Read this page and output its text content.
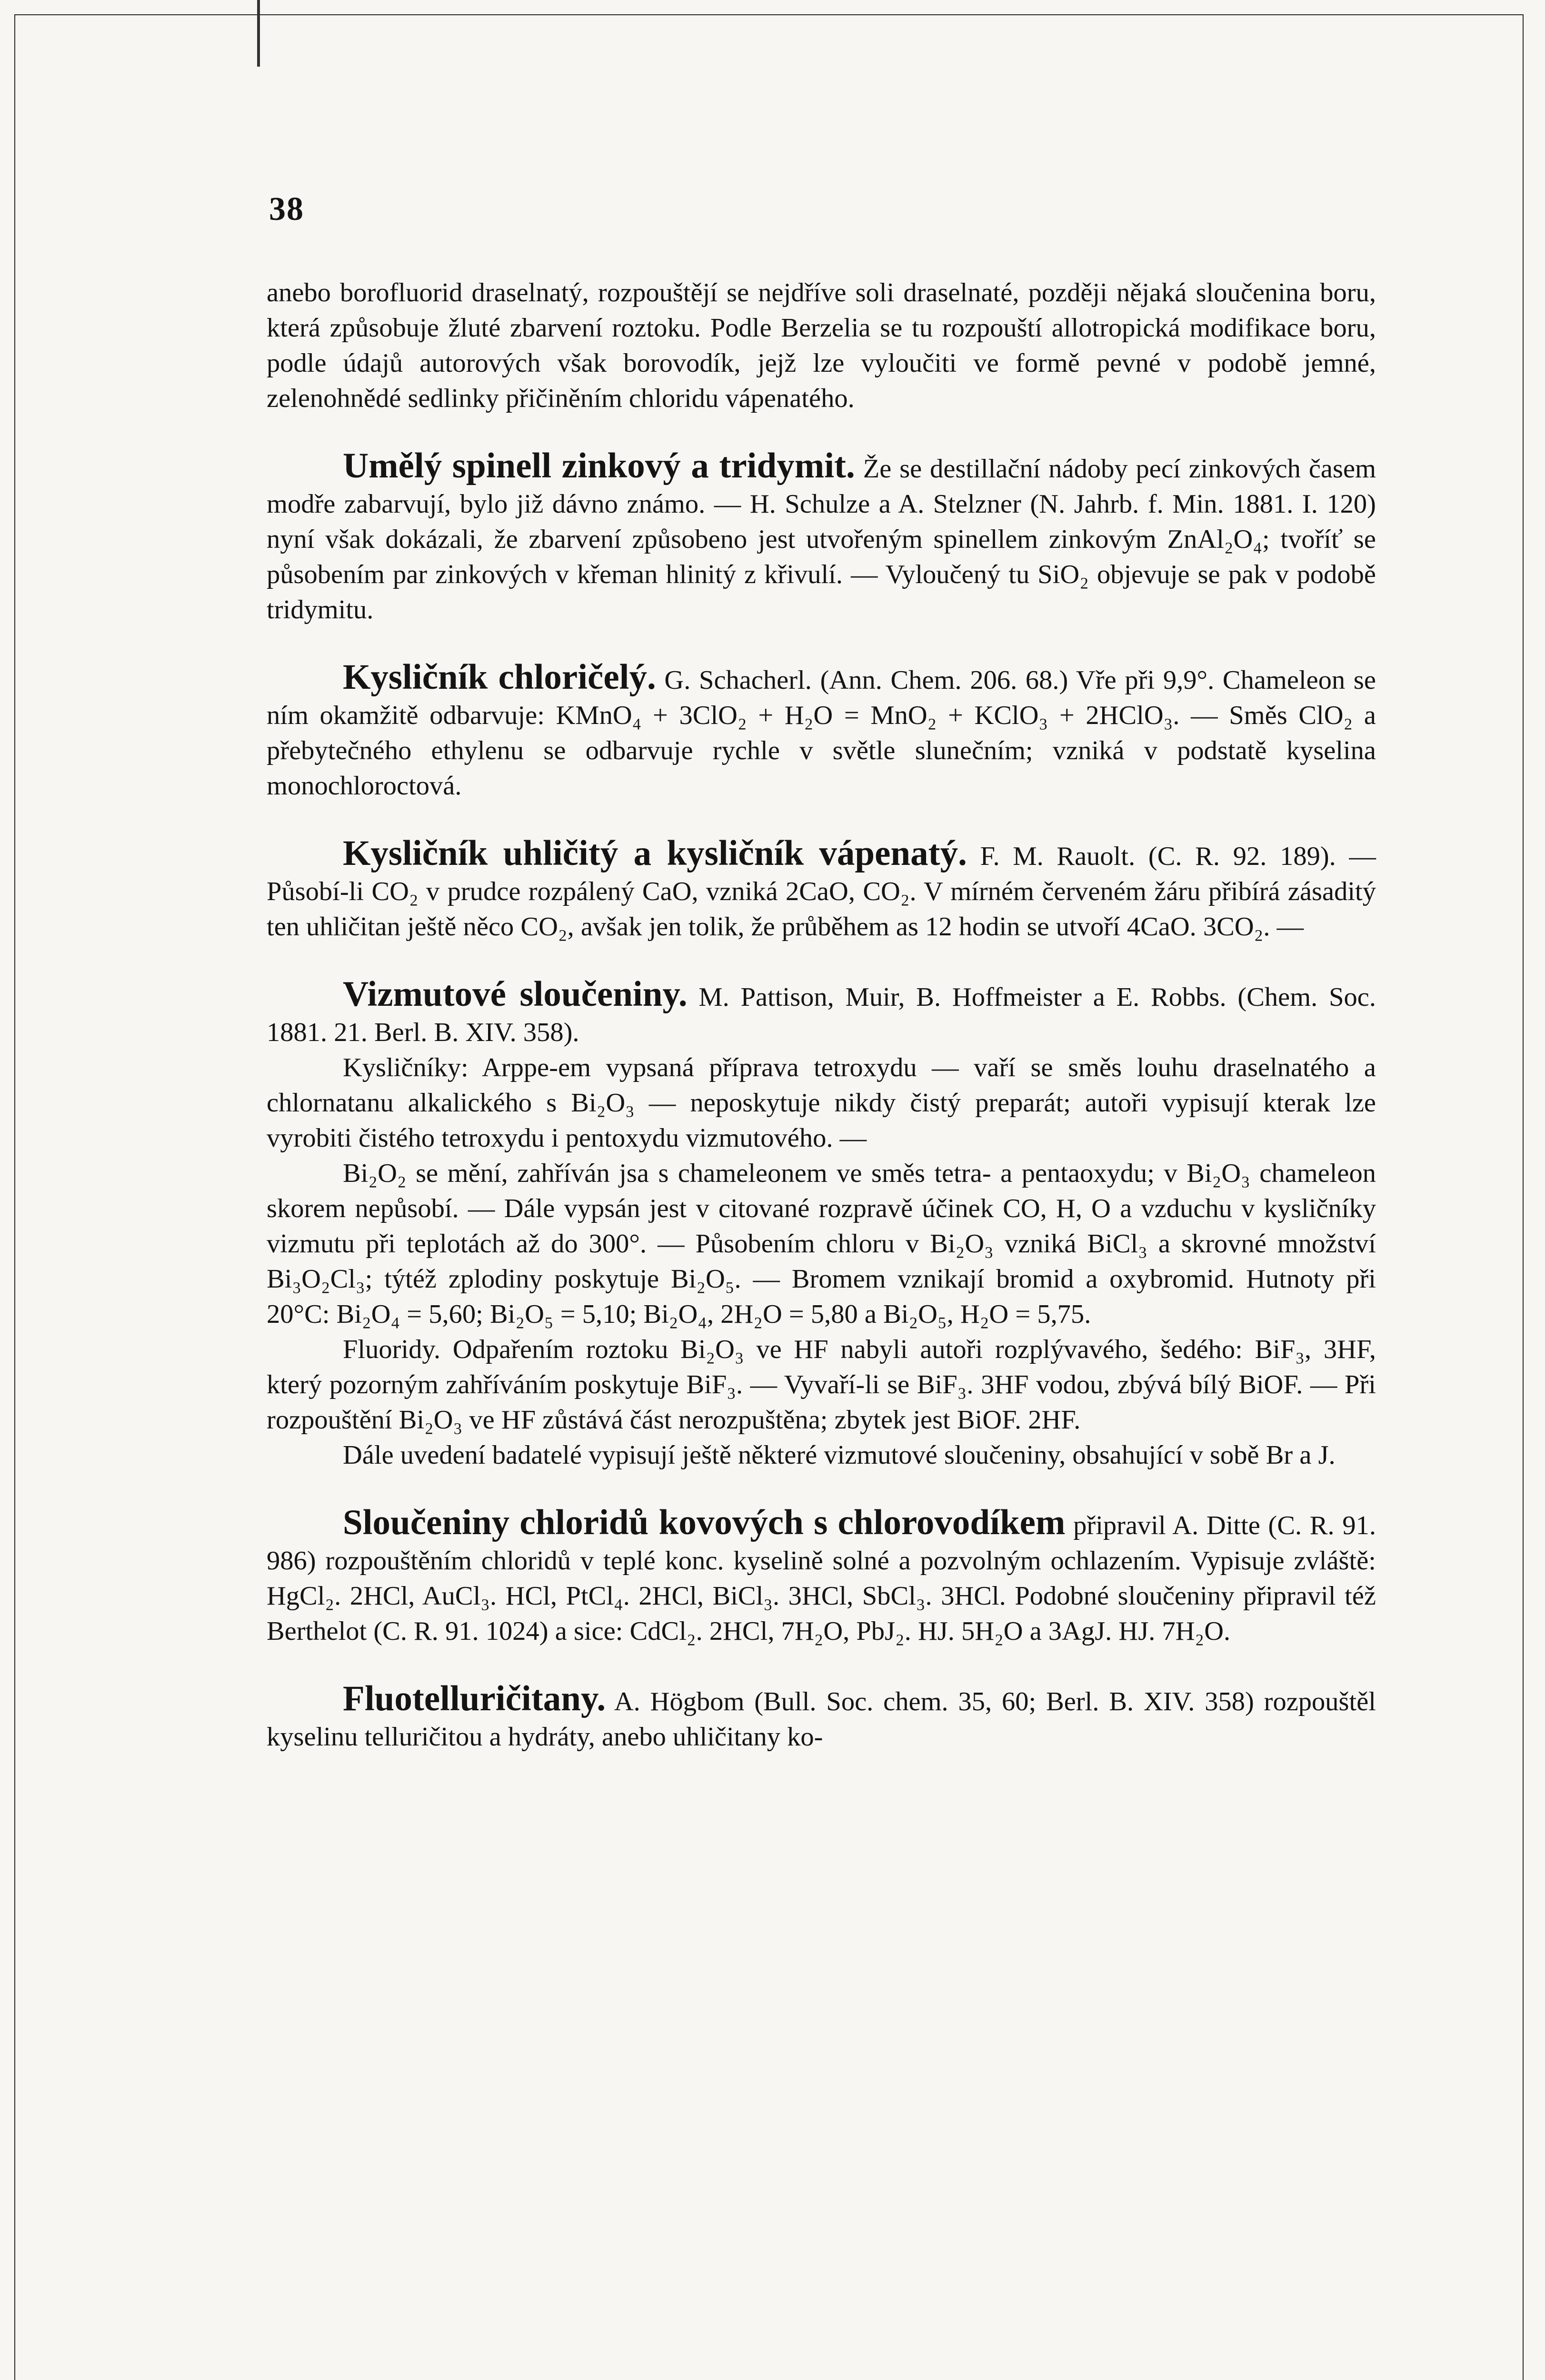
38

anebo borofluorid draselnatý, rozpouštějí se nejdříve soli draselnaté, později nějaká sloučenina boru, která způsobuje žluté zbarvení roztoku. Podle Berzelia se tu rozpouští allotropická modifikace boru, podle údajů autorových však borovodík, jejž lze vyloučiti ve formě pevné v podobě jemné, zelenohnědé sedlinky přičiněním chloridu vápenatého.

Umělý spinell zinkový a tridymit. Že se destillační nádoby pecí zinkových časem modře zabarvují, bylo již dávno známo. — H. Schulze a A. Stelzner (N. Jahrb. f. Min. 1881. I. 120) nyní však dokázali, že zbarvení způsobeno jest utvořeným spinellem zinkovým ZnAl₂O₄; tvoříť se působením par zinkových v křeman hlinitý z křivulí. — Vyloučený tu SiO₂ objevuje se pak v podobě tridymitu.

Kysličník chloričelý. G. Schacherl. (Ann. Chem. 206. 68.) Vře při 9,9°. Chameleon se ním okamžitě odbarvuje: KMnO₄ + 3ClO₂ + H₂O = MnO₂ + KClO₃ + 2HClO₃. — Směs ClO₂ a přebytečného ethylenu se odbarvuje rychle v světle slunečním; vzniká v podstatě kyselina monochloroctová.

Kysličník uhličitý a kysličník vápenatý. F. M. Rauolt. (C. R. 92. 189). — Působí-li CO₂ v prudce rozpálený CaO, vzniká 2CaO, CO₂. V mírném červeném žáru přibírá zásaditý ten uhličitan ještě něco CO₂, avšak jen tolik, že průběhem as 12 hodin se utvoří 4CaO. 3CO₂. —

Vizmutové sloučeniny. M. Pattison, Muir, B. Hoffmeister a E. Robbs. (Chem. Soc. 1881. 21. Berl. B. XIV. 358).

Kysličníky: Arppe-em vypsaná příprava tetroxydu — vaří se směs louhu draselnatého a chlornatanu alkalického s Bi₂O₃ — neposkytuje nikdy čistý preparát; autoři vypisují kterak lze vyrobiti čistého tetroxydu i pentoxydu vizmutového. —

Bi₂O₂ se mění, zahříván jsa s chameleonem ve směs tetra- a pentaoxydu; v Bi₂O₃ chameleon skorem nepůsobí. — Dále vypsán jest v citované rozpravě účinek CO, H, O a vzduchu v kysličníky vizmutu při teplotách až do 300°. — Působením chloru v Bi₂O₃ vzniká BiCl₃ a skrovné množství Bi₃O₂Cl₃; týtéž zplodiny poskytuje Bi₂O₅. — Bromem vznikají bromid a oxybromid. Hutnoty při 20°C: Bi₂O₄ = 5,60; Bi₂O₅ = 5,10; Bi₂O₄, 2H₂O = 5,80 a Bi₂O₅, H₂O = 5,75.

Fluoridy. Odpařením roztoku Bi₂O₃ ve HF nabyli autoři rozplývavého, šedého: BiF₃, 3HF, který pozorným zahříváním poskytuje BiF₃. — Vyvaří-li se BiF₃. 3HF vodou, zbývá bílý BiOF. — Při rozpouštění Bi₂O₃ ve HF zůstává část nerozpuštěna; zbytek jest BiOF. 2HF.

Dále uvedení badatelé vypisují ještě některé vizmutové sloučeniny, obsahující v sobě Br a J.

Sloučeniny chloridů kovových s chlorovodíkem připravil A. Ditte (C. R. 91. 986) rozpouštěním chloridů v teplé konc. kyselině solné a pozvolným ochlazením. Vypisuje zvláště: HgCl₂. 2HCl, AuCl₃. HCl, PtCl₄. 2HCl, BiCl₃. 3HCl, SbCl₃. 3HCl. Podobné sloučeniny připravil též Berthelot (C. R. 91. 1024) a sice: CdCl₂. 2HCl, 7H₂O, PbJ₂. HJ. 5H₂O a 3AgJ. HJ. 7H₂O.

Fluotelluričitany. A. Högbom (Bull. Soc. chem. 35, 60; Berl. B. XIV. 358) rozpouštěl kyselinu telluričitou a hydráty, anebo uhličitany ko-
